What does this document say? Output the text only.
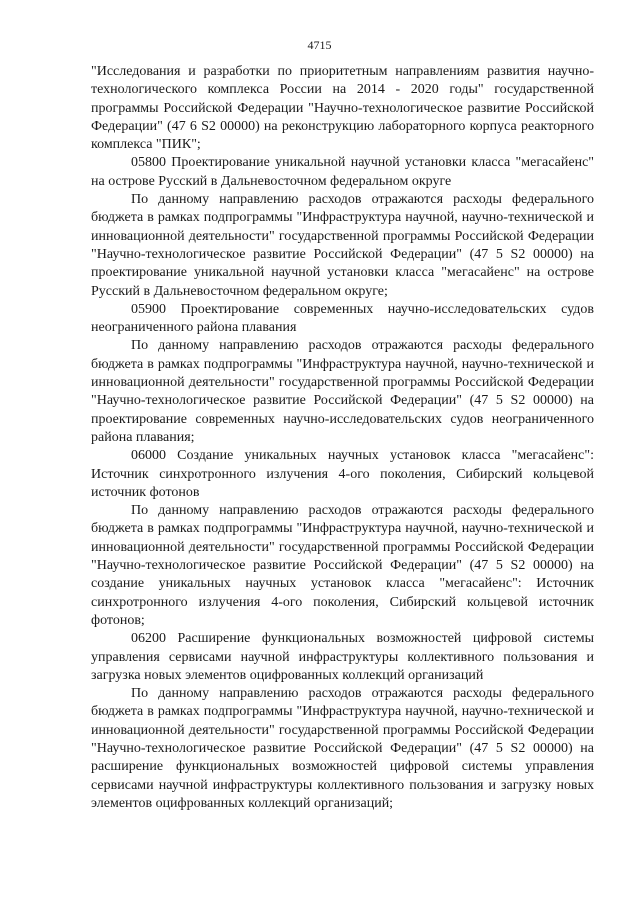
4715

"Исследования и разработки по приоритетным направлениям развития научно-технологического комплекса России на 2014 - 2020 годы" государственной программы Российской Федерации "Научно-технологическое развитие Российской Федерации" (47 6 S2 00000) на реконструкцию лабораторного корпуса реакторного комплекса "ПИК";

05800 Проектирование уникальной научной установки класса "мегасайенс" на острове Русский в Дальневосточном федеральном округе

По данному направлению расходов отражаются расходы федерального бюджета в рамках подпрограммы "Инфраструктура научной, научно-технической и инновационной деятельности" государственной программы Российской Федерации "Научно-технологическое развитие Российской Федерации" (47 5 S2 00000) на проектирование уникальной научной установки класса "мегасайенс" на острове Русский в Дальневосточном федеральном округе;

05900 Проектирование современных научно-исследовательских судов неограниченного района плавания

По данному направлению расходов отражаются расходы федерального бюджета в рамках подпрограммы "Инфраструктура научной, научно-технической и инновационной деятельности" государственной программы Российской Федерации "Научно-технологическое развитие Российской Федерации" (47 5 S2 00000) на проектирование современных научно-исследовательских судов неограниченного района плавания;

06000 Создание уникальных научных установок класса "мегасайенс": Источник синхротронного излучения 4-ого поколения, Сибирский кольцевой источник фотонов

По данному направлению расходов отражаются расходы федерального бюджета в рамках подпрограммы "Инфраструктура научной, научно-технической и инновационной деятельности" государственной программы Российской Федерации "Научно-технологическое развитие Российской Федерации" (47 5 S2 00000) на создание уникальных научных установок класса "мегасайенс": Источник синхротронного излучения 4-ого поколения, Сибирский кольцевой источник фотонов;

06200 Расширение функциональных возможностей цифровой системы управления сервисами научной инфраструктуры коллективного пользования и загрузка новых элементов оцифрованных коллекций организаций

По данному направлению расходов отражаются расходы федерального бюджета в рамках подпрограммы "Инфраструктура научной, научно-технической и инновационной деятельности" государственной программы Российской Федерации "Научно-технологическое развитие Российской Федерации" (47 5 S2 00000) на расширение функциональных возможностей цифровой системы управления сервисами научной инфраструктуры коллективного пользования и загрузку новых элементов оцифрованных коллекций организаций;
